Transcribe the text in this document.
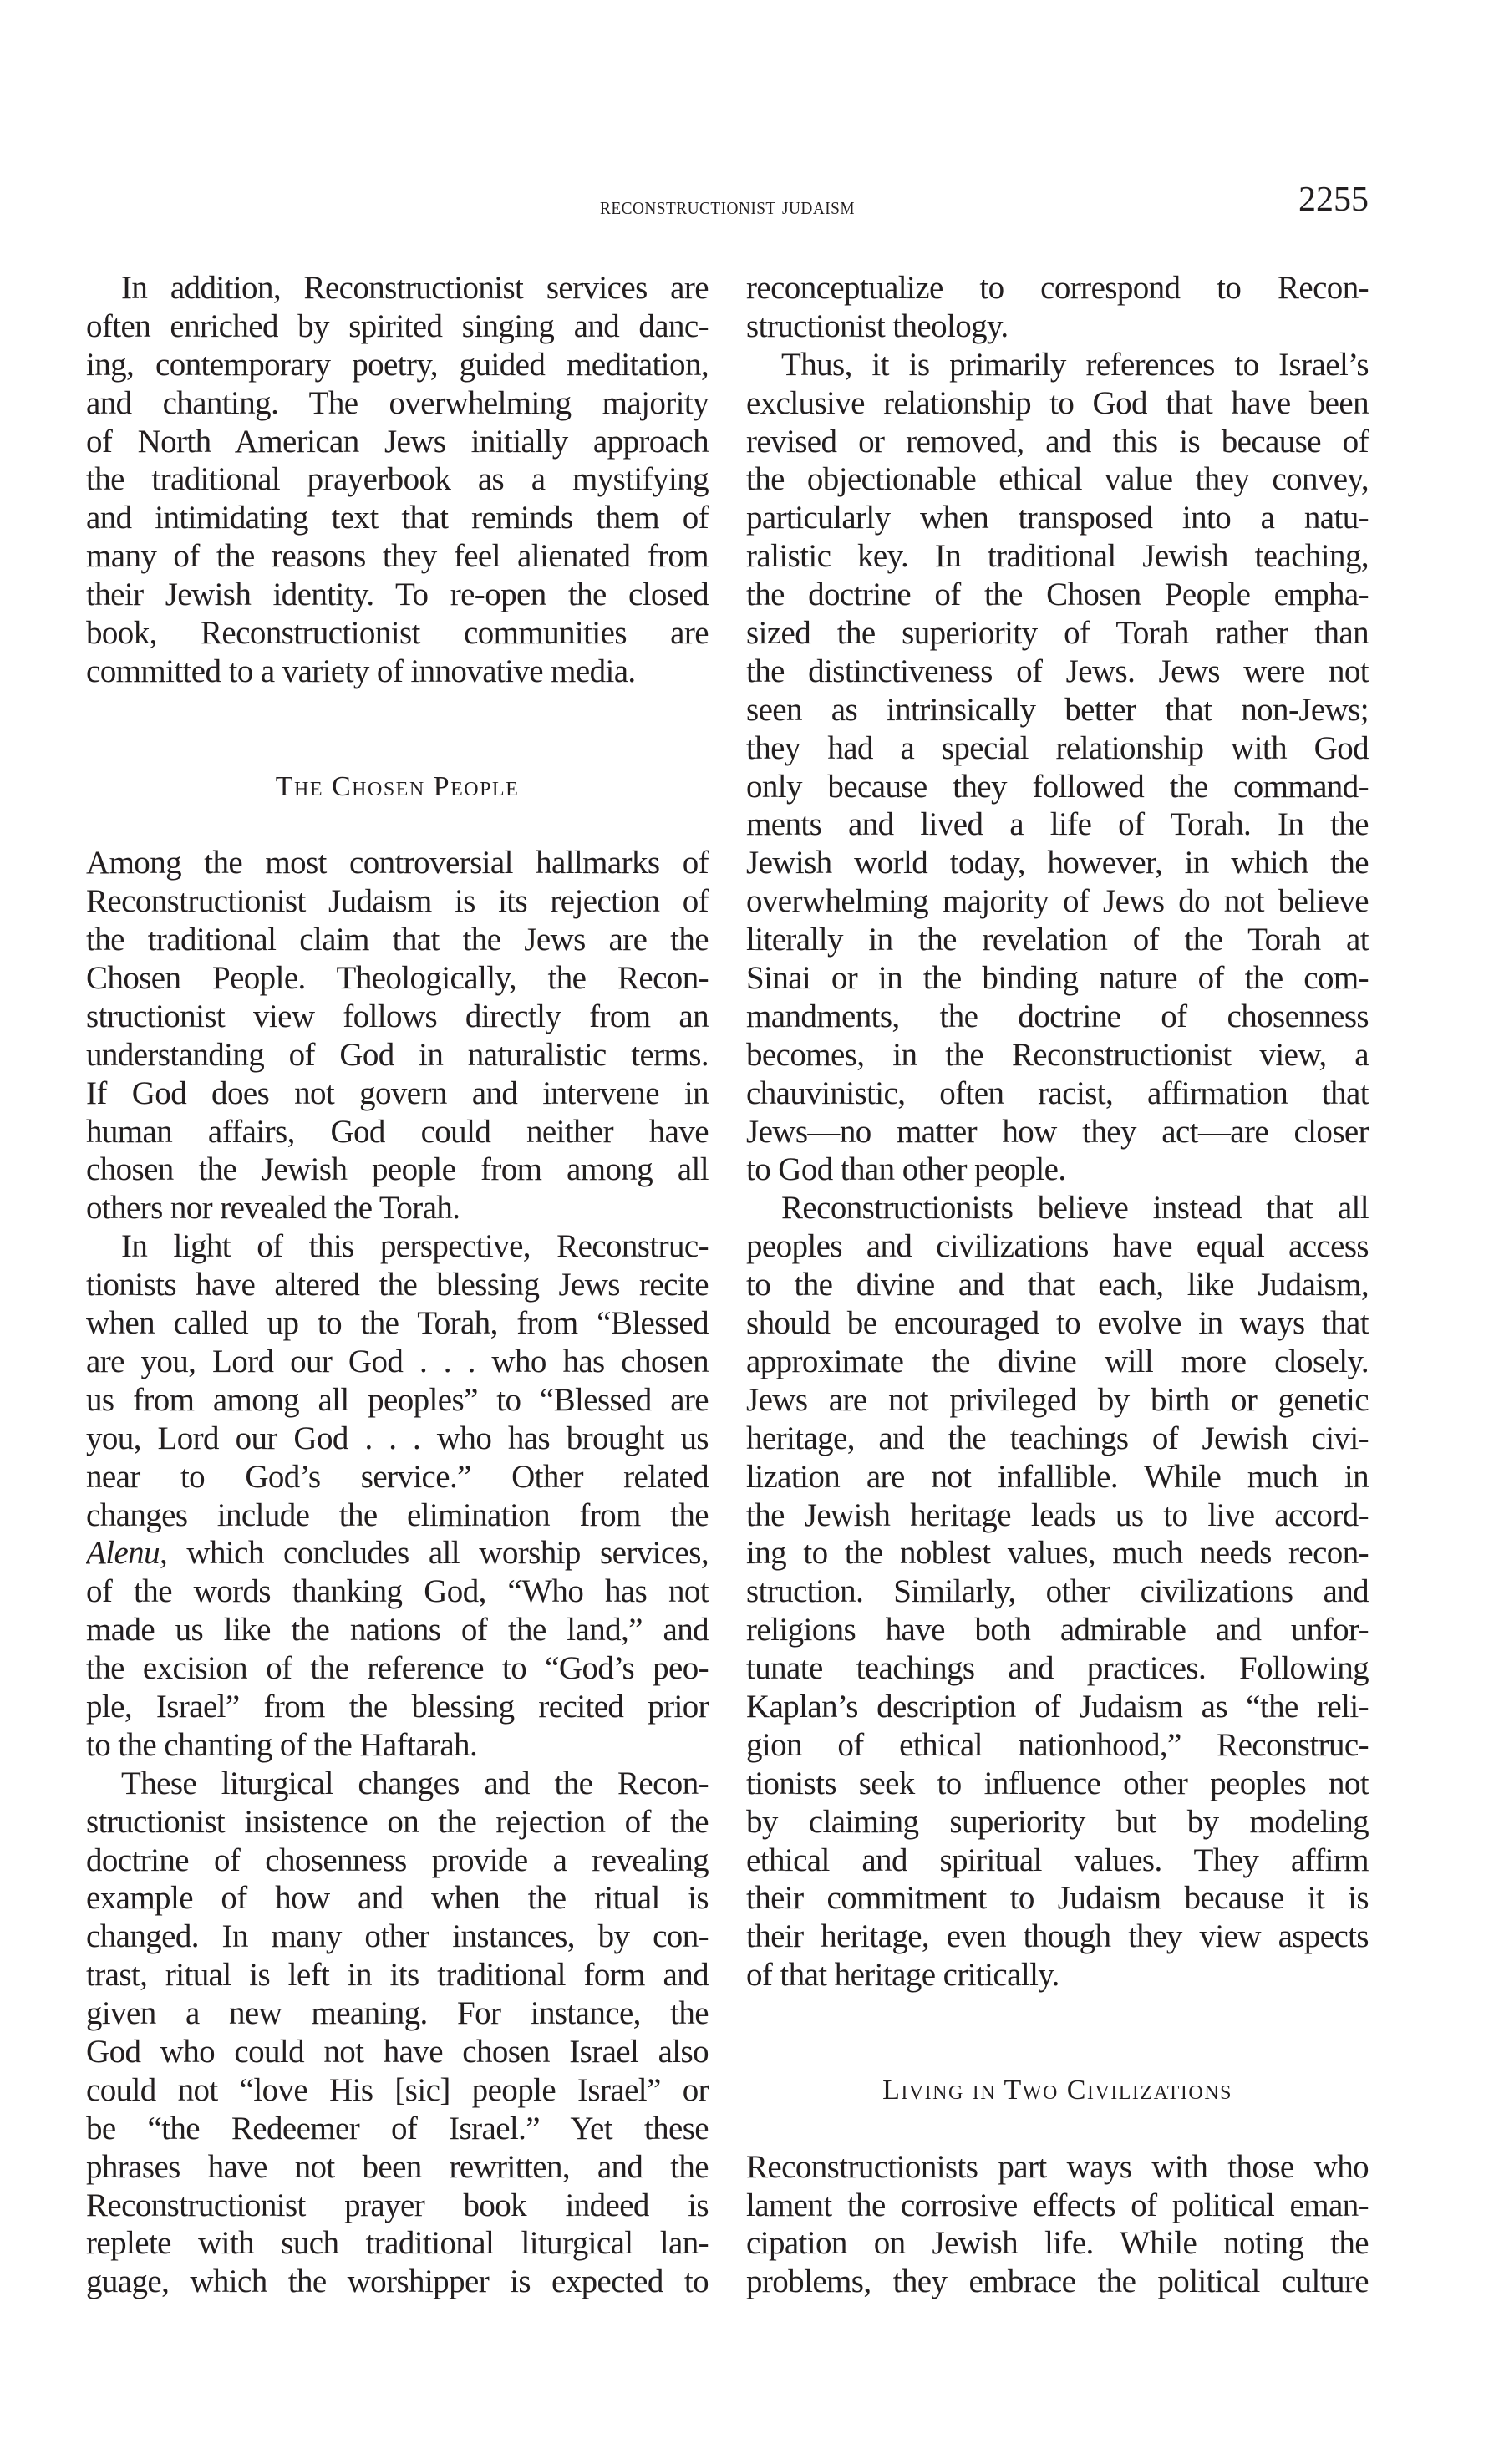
reconstructionist judaism	2255
In addition, Reconstructionist services are
often enriched by spirited singing and danc-
ing, contemporary poetry, guided meditation,
and chanting. The overwhelming majority
of North American Jews initially approach
the traditional prayerbook as a mystifying
and intimidating text that reminds them of
many of the reasons they feel alienated from
their Jewish identity. To re-open the closed
book, Reconstructionist communities are
committed to a variety of innovative media.

The Chosen People

Among the most controversial hallmarks of
Reconstructionist Judaism is its rejection of
the traditional claim that the Jews are the
Chosen People. Theologically, the Recon-
structionist view follows directly from an
understanding of God in naturalistic terms.
If God does not govern and intervene in
human affairs, God could neither have
chosen the Jewish people from among all
others nor revealed the Torah.
In light of this perspective, Reconstruc-
tionists have altered the blessing Jews recite
when called up to the Torah, from “Blessed
are you, Lord our God . . . who has chosen
us from among all peoples” to “Blessed are
you, Lord our God . . . who has brought us
near to God’s service.” Other related
changes include the elimination from the
Alenu, which concludes all worship services,
of the words thanking God, “Who has not
made us like the nations of the land,” and
the excision of the reference to “God’s peo-
ple, Israel” from the blessing recited prior
to the chanting of the Haftarah.
These liturgical changes and the Recon-
structionist insistence on the rejection of the
doctrine of chosenness provide a revealing
example of how and when the ritual is
changed. In many other instances, by con-
trast, ritual is left in its traditional form and
given a new meaning. For instance, the
God who could not have chosen Israel also
could not “love His [sic] people Israel” or
be “the Redeemer of Israel.” Yet these
phrases have not been rewritten, and the
Reconstructionist prayer book indeed is
replete with such traditional liturgical lan-
guage, which the worshipper is expected to
reconceptualize to correspond to Recon-
structionist theology.
Thus, it is primarily references to Israel’s
exclusive relationship to God that have been
revised or removed, and this is because of
the objectionable ethical value they convey,
particularly when transposed into a natu-
ralistic key. In traditional Jewish teaching,
the doctrine of the Chosen People empha-
sized the superiority of Torah rather than
the distinctiveness of Jews. Jews were not
seen as intrinsically better that non-Jews;
they had a special relationship with God
only because they followed the command-
ments and lived a life of Torah. In the
Jewish world today, however, in which the
overwhelming majority of Jews do not believe
literally in the revelation of the Torah at
Sinai or in the binding nature of the com-
mandments, the doctrine of chosenness
becomes, in the Reconstructionist view, a
chauvinistic, often racist, affirmation that
Jews—no matter how they act—are closer
to God than other people.
Reconstructionists believe instead that all
peoples and civilizations have equal access
to the divine and that each, like Judaism,
should be encouraged to evolve in ways that
approximate the divine will more closely.
Jews are not privileged by birth or genetic
heritage, and the teachings of Jewish civi-
lization are not infallible. While much in
the Jewish heritage leads us to live accord-
ing to the noblest values, much needs recon-
struction. Similarly, other civilizations and
religions have both admirable and unfor-
tunate teachings and practices. Following
Kaplan’s description of Judaism as “the reli-
gion of ethical nationhood,” Reconstruc-
tionists seek to influence other peoples not
by claiming superiority but by modeling
ethical and spiritual values. They affirm
their commitment to Judaism because it is
their heritage, even though they view aspects
of that heritage critically.

Living in Two Civilizations

Reconstructionists part ways with those who
lament the corrosive effects of political eman-
cipation on Jewish life. While noting the
problems, they embrace the political culture
